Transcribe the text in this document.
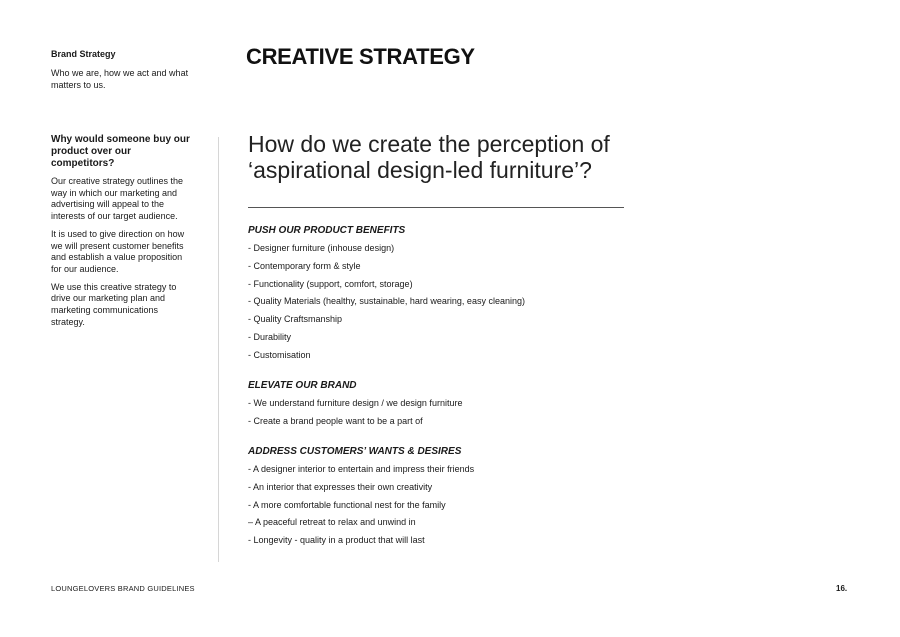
Brand Strategy
Who we are, how we act and what matters to us.
Why would someone buy our product over our competitors?

Our creative strategy outlines the way in which our marketing and advertising will appeal to the interests of our target audience.

It is used to give direction on how we will present customer benefits and establish a value proposition for our audience.

We use this creative strategy to drive our marketing plan and marketing communications strategy.

CREATIVE STRATEGY
How do we create the perception of ‘aspirational design-led furniture’?
PUSH OUR PRODUCT BENEFITS
- Designer furniture (inhouse design)
- Contemporary form & style
- Functionality (support, comfort, storage)
- Quality Materials (healthy, sustainable, hard wearing, easy cleaning)
- Quality Craftsmanship
- Durability
- Customisation
ELEVATE OUR BRAND
- We understand furniture design / we design furniture
- Create a brand people want to be a part of
ADDRESS CUSTOMERS’ WANTS & DESIRES
- A designer interior to entertain and impress their friends
- An interior that expresses their own creativity
- A more comfortable functional nest for the family
– A peaceful retreat to relax and unwind in
- Longevity - quality in a product that will last
LOUNGELOVERS BRAND GUIDELINES	16.
